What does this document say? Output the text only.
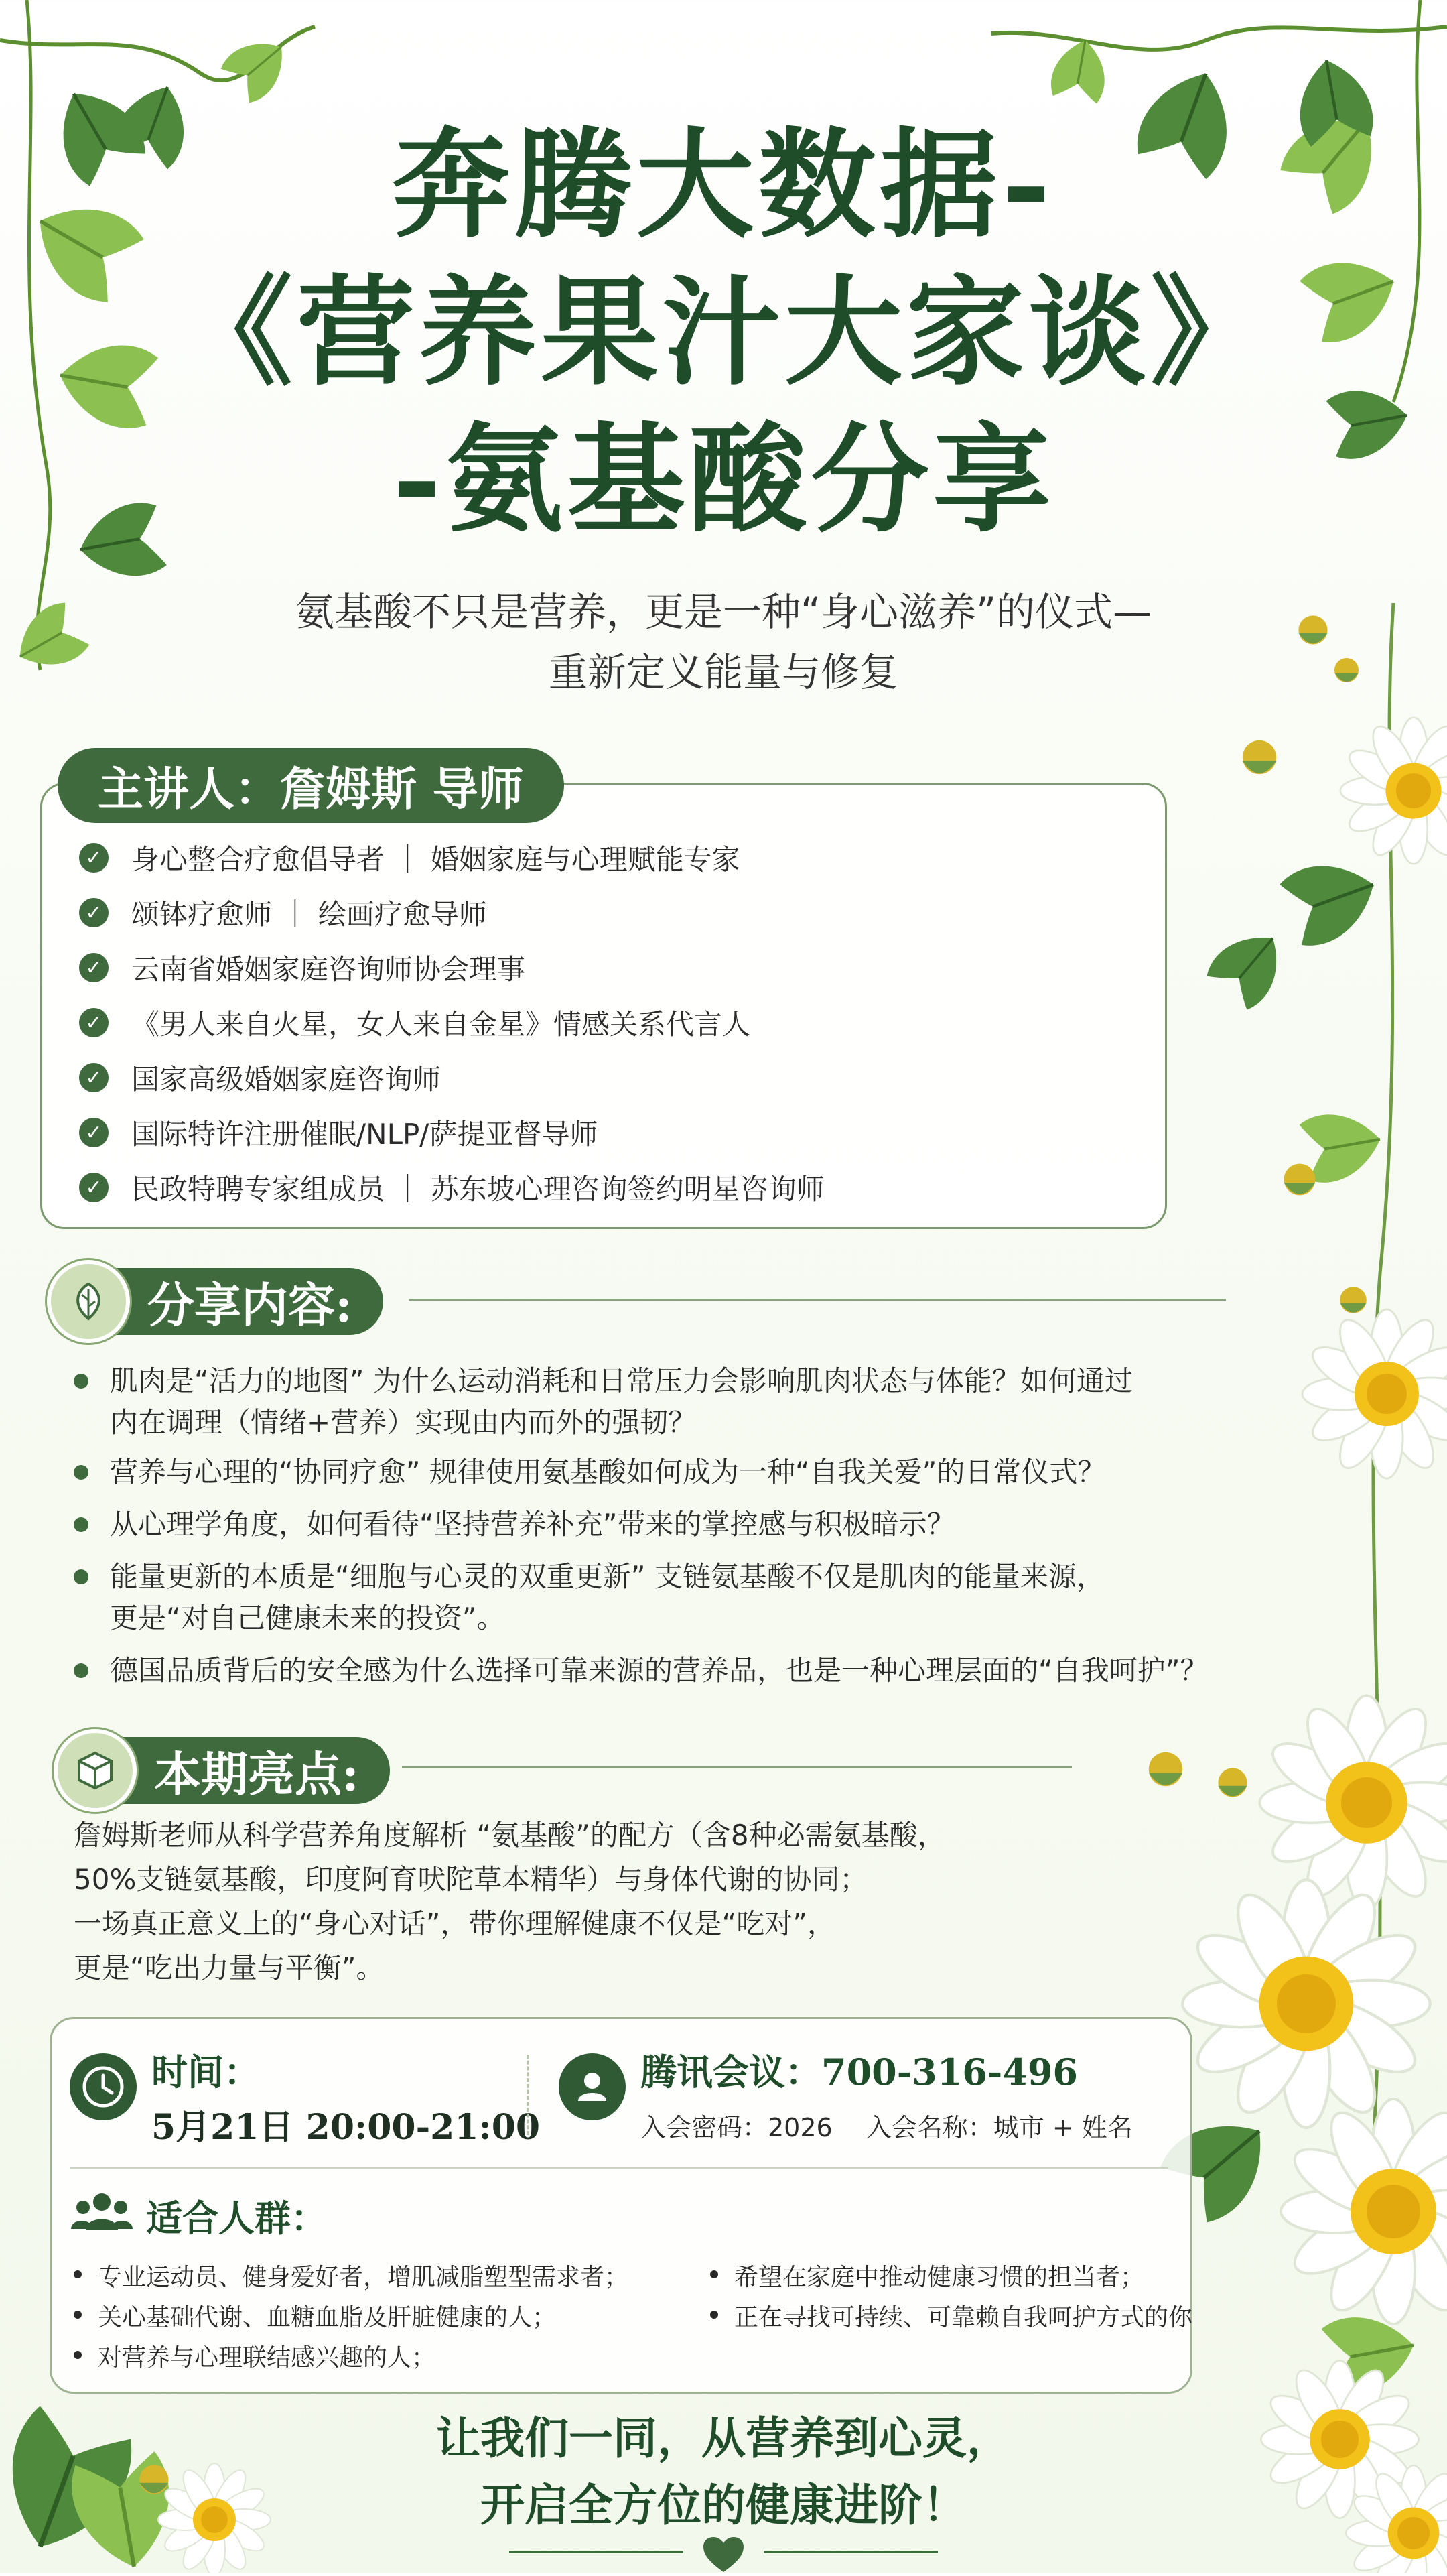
奔腾大数据-
《营养果汁大家谈》
-氨基酸分享
氨基酸不只是营养，更是一种“身心滋养”的仪式—
重新定义能量与修复
主讲人：詹姆斯 导师
✓ 身心整合疗愈倡导者 ｜ 婚姻家庭与心理赋能专家
✓ 颂钵疗愈师 ｜ 绘画疗愈导师
✓ 云南省婚姻家庭咨询师协会理事
✓ 《男人来自火星，女人来自金星》情感关系代言人
✓ 国家高级婚姻家庭咨询师
✓ 国际特许注册催眠/NLP/萨提亚督导师
✓ 民政特聘专家组成员 ｜ 苏东坡心理咨询签约明星咨询师
分享内容:
肌肉是“活力的地图” 为什么运动消耗和日常压力会影响肌肉状态与体能？如何通过
内在调理（情绪+营养）实现由内而外的强韧？
营养与心理的“协同疗愈” 规律使用氨基酸如何成为一种“自我关爱”的日常仪式？
从心理学角度，如何看待“坚持营养补充”带来的掌控感与积极暗示？
能量更新的本质是“细胞与心灵的双重更新” 支链氨基酸不仅是肌肉的能量来源，
更是“对自己健康未来的投资”。
德国品质背后的安全感为什么选择可靠来源的营养品，也是一种心理层面的“自我呵护”？
本期亮点:
詹姆斯老师从科学营养角度解析 “氨基酸”的配方（含8种必需氨基酸，
50%支链氨基酸，印度阿育吠陀草本精华）与身体代谢的协同；
一场真正意义上的“身心对话”，带你理解健康不仅是“吃对”，
更是“吃出力量与平衡”。
时间：
5月21日 20:00-21:00
腾讯会议：700-316-496
入会密码：2026　 入会名称：城市 + 姓名
适合人群：
专业运动员、健身爱好者，增肌减脂塑型需求者；
关心基础代谢、血糖血脂及肝脏健康的人；
对营养与心理联结感兴趣的人；
希望在家庭中推动健康习惯的担当者；
正在寻找可持续、可靠赖自我呵护方式的你
让我们一同，从营养到心灵，
开启全方位的健康进阶！
